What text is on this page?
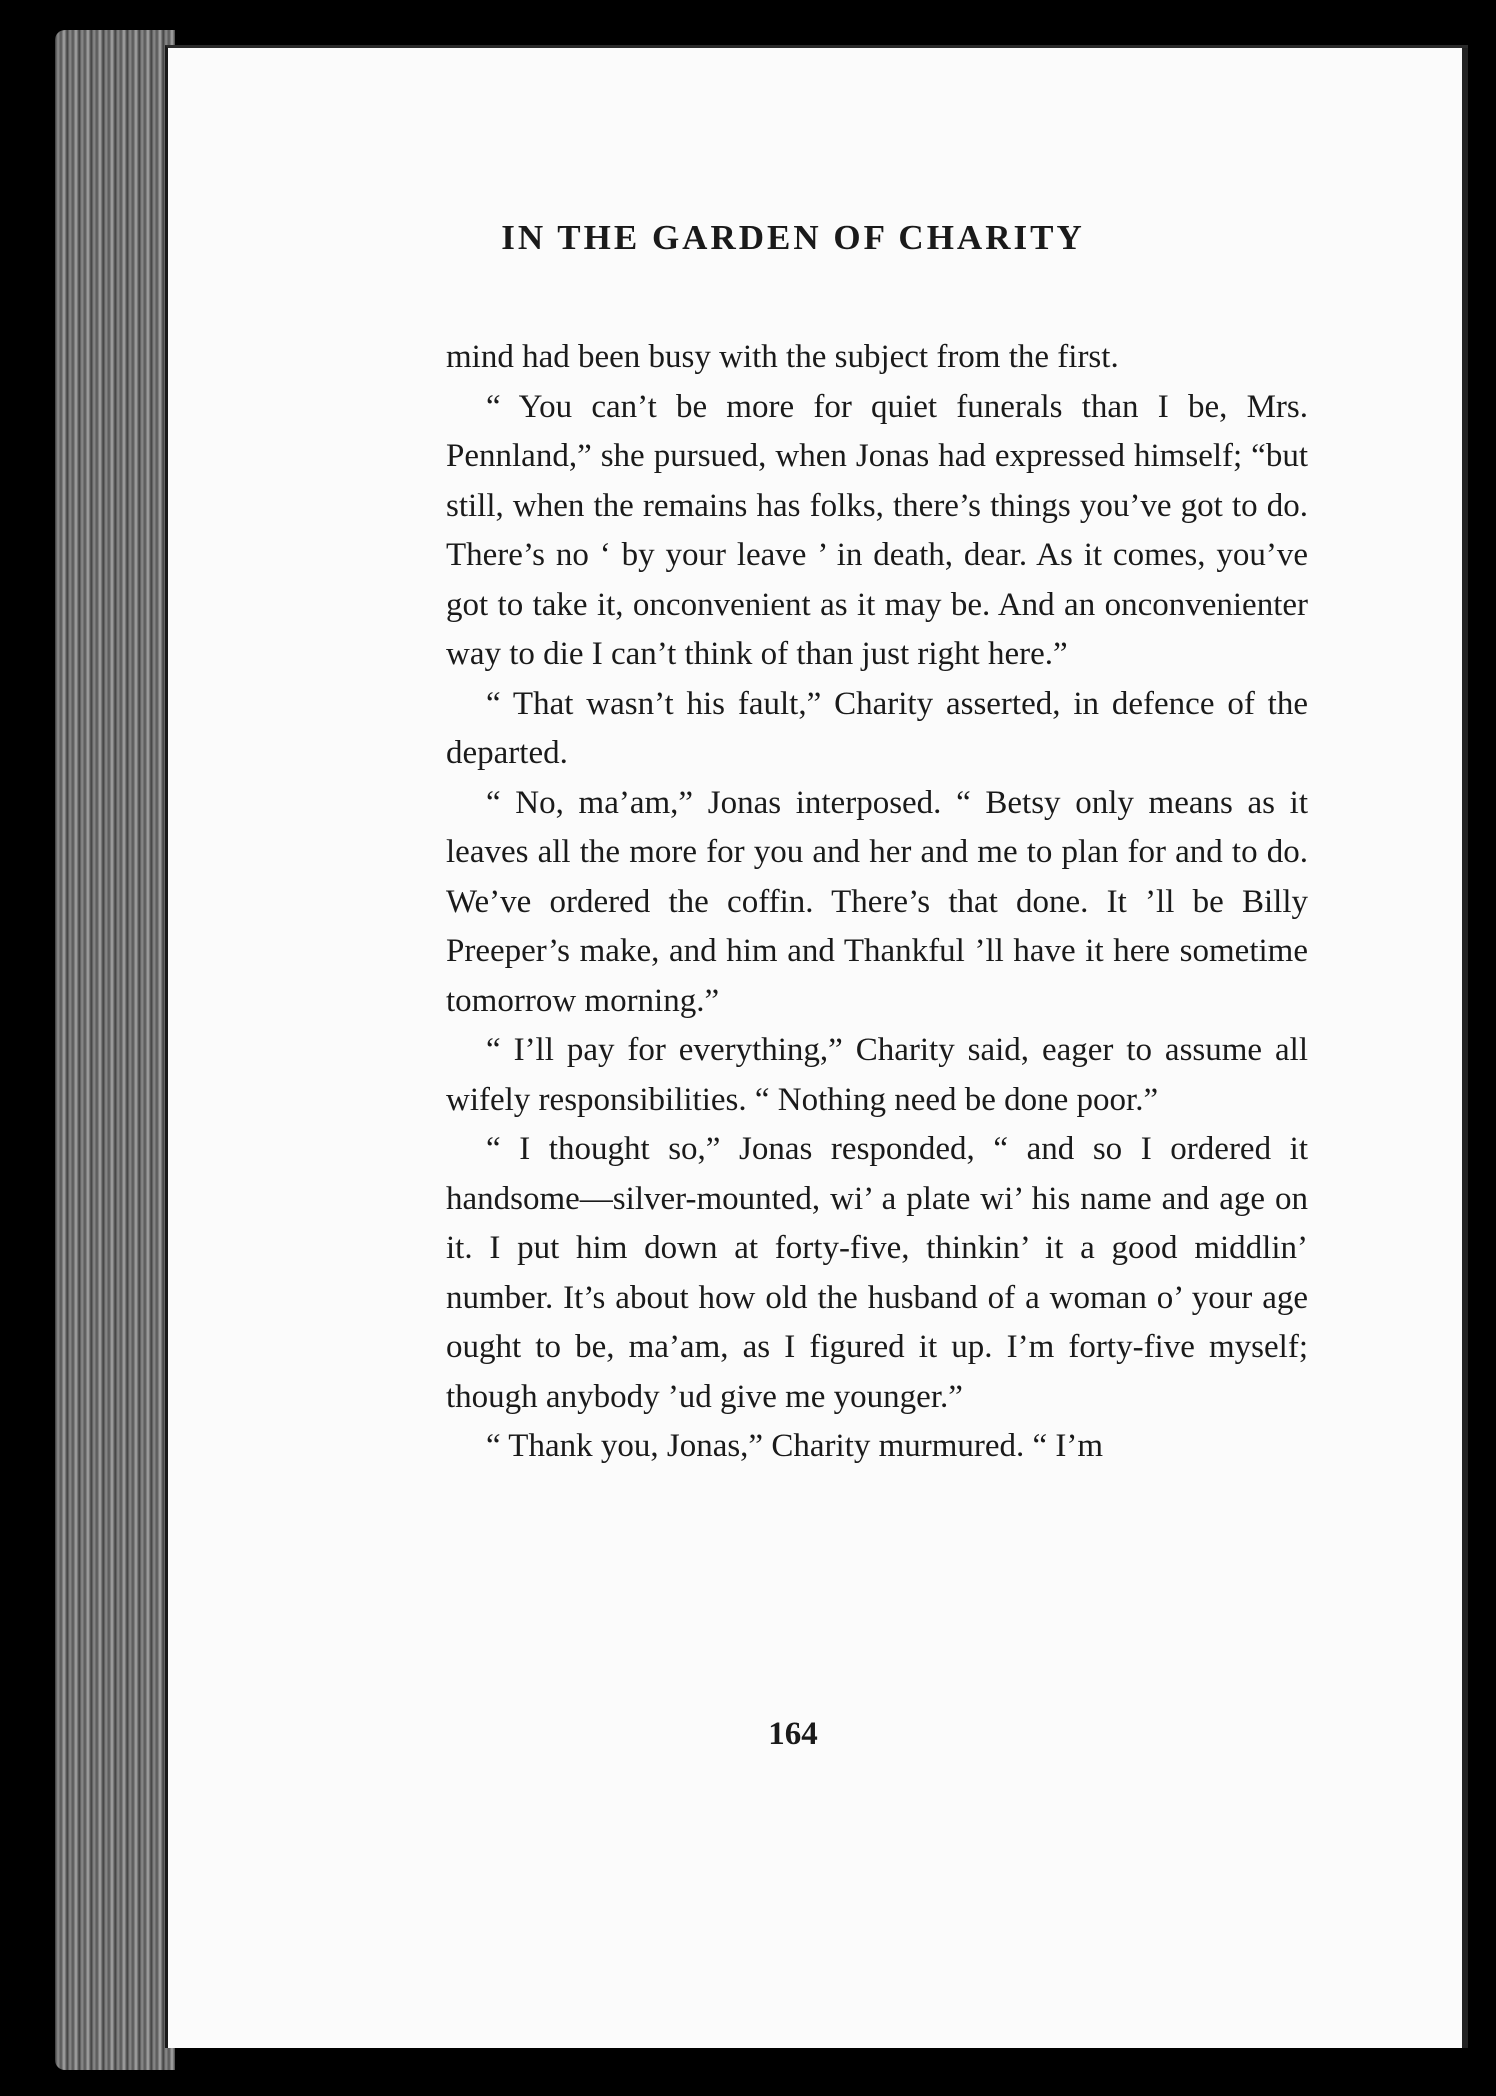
IN THE GARDEN OF CHARITY

mind had been busy with the subject from the first.

“ You can’t be more for quiet funerals than I be, Mrs. Pennland,” she pursued, when Jonas had expressed himself; “but still, when the remains has folks, there’s things you’ve got to do. There’s no ‘ by your leave ’ in death, dear. As it comes, you’ve got to take it, onconvenient as it may be. And an onconvenienter way to die I can’t think of than just right here.”

“ That wasn’t his fault,” Charity asserted, in defence of the departed.

“ No, ma’am,” Jonas interposed. “ Betsy only means as it leaves all the more for you and her and me to plan for and to do. We’ve ordered the coffin. There’s that done. It ’ll be Billy Preeper’s make, and him and Thankful ’ll have it here sometime tomorrow morning.”

“ I’ll pay for everything,” Charity said, eager to assume all wifely responsibilities. “ Nothing need be done poor.”

“ I thought so,” Jonas responded, “ and so I ordered it handsome—silver-mounted, wi’ a plate wi’ his name and age on it. I put him down at forty-five, thinkin’ it a good middlin’ number. It’s about how old the husband of a woman o’ your age ought to be, ma’am, as I figured it up. I’m forty-five myself; though anybody ’ud give me younger.”

“ Thank you, Jonas,” Charity murmured. “ I’m

164
